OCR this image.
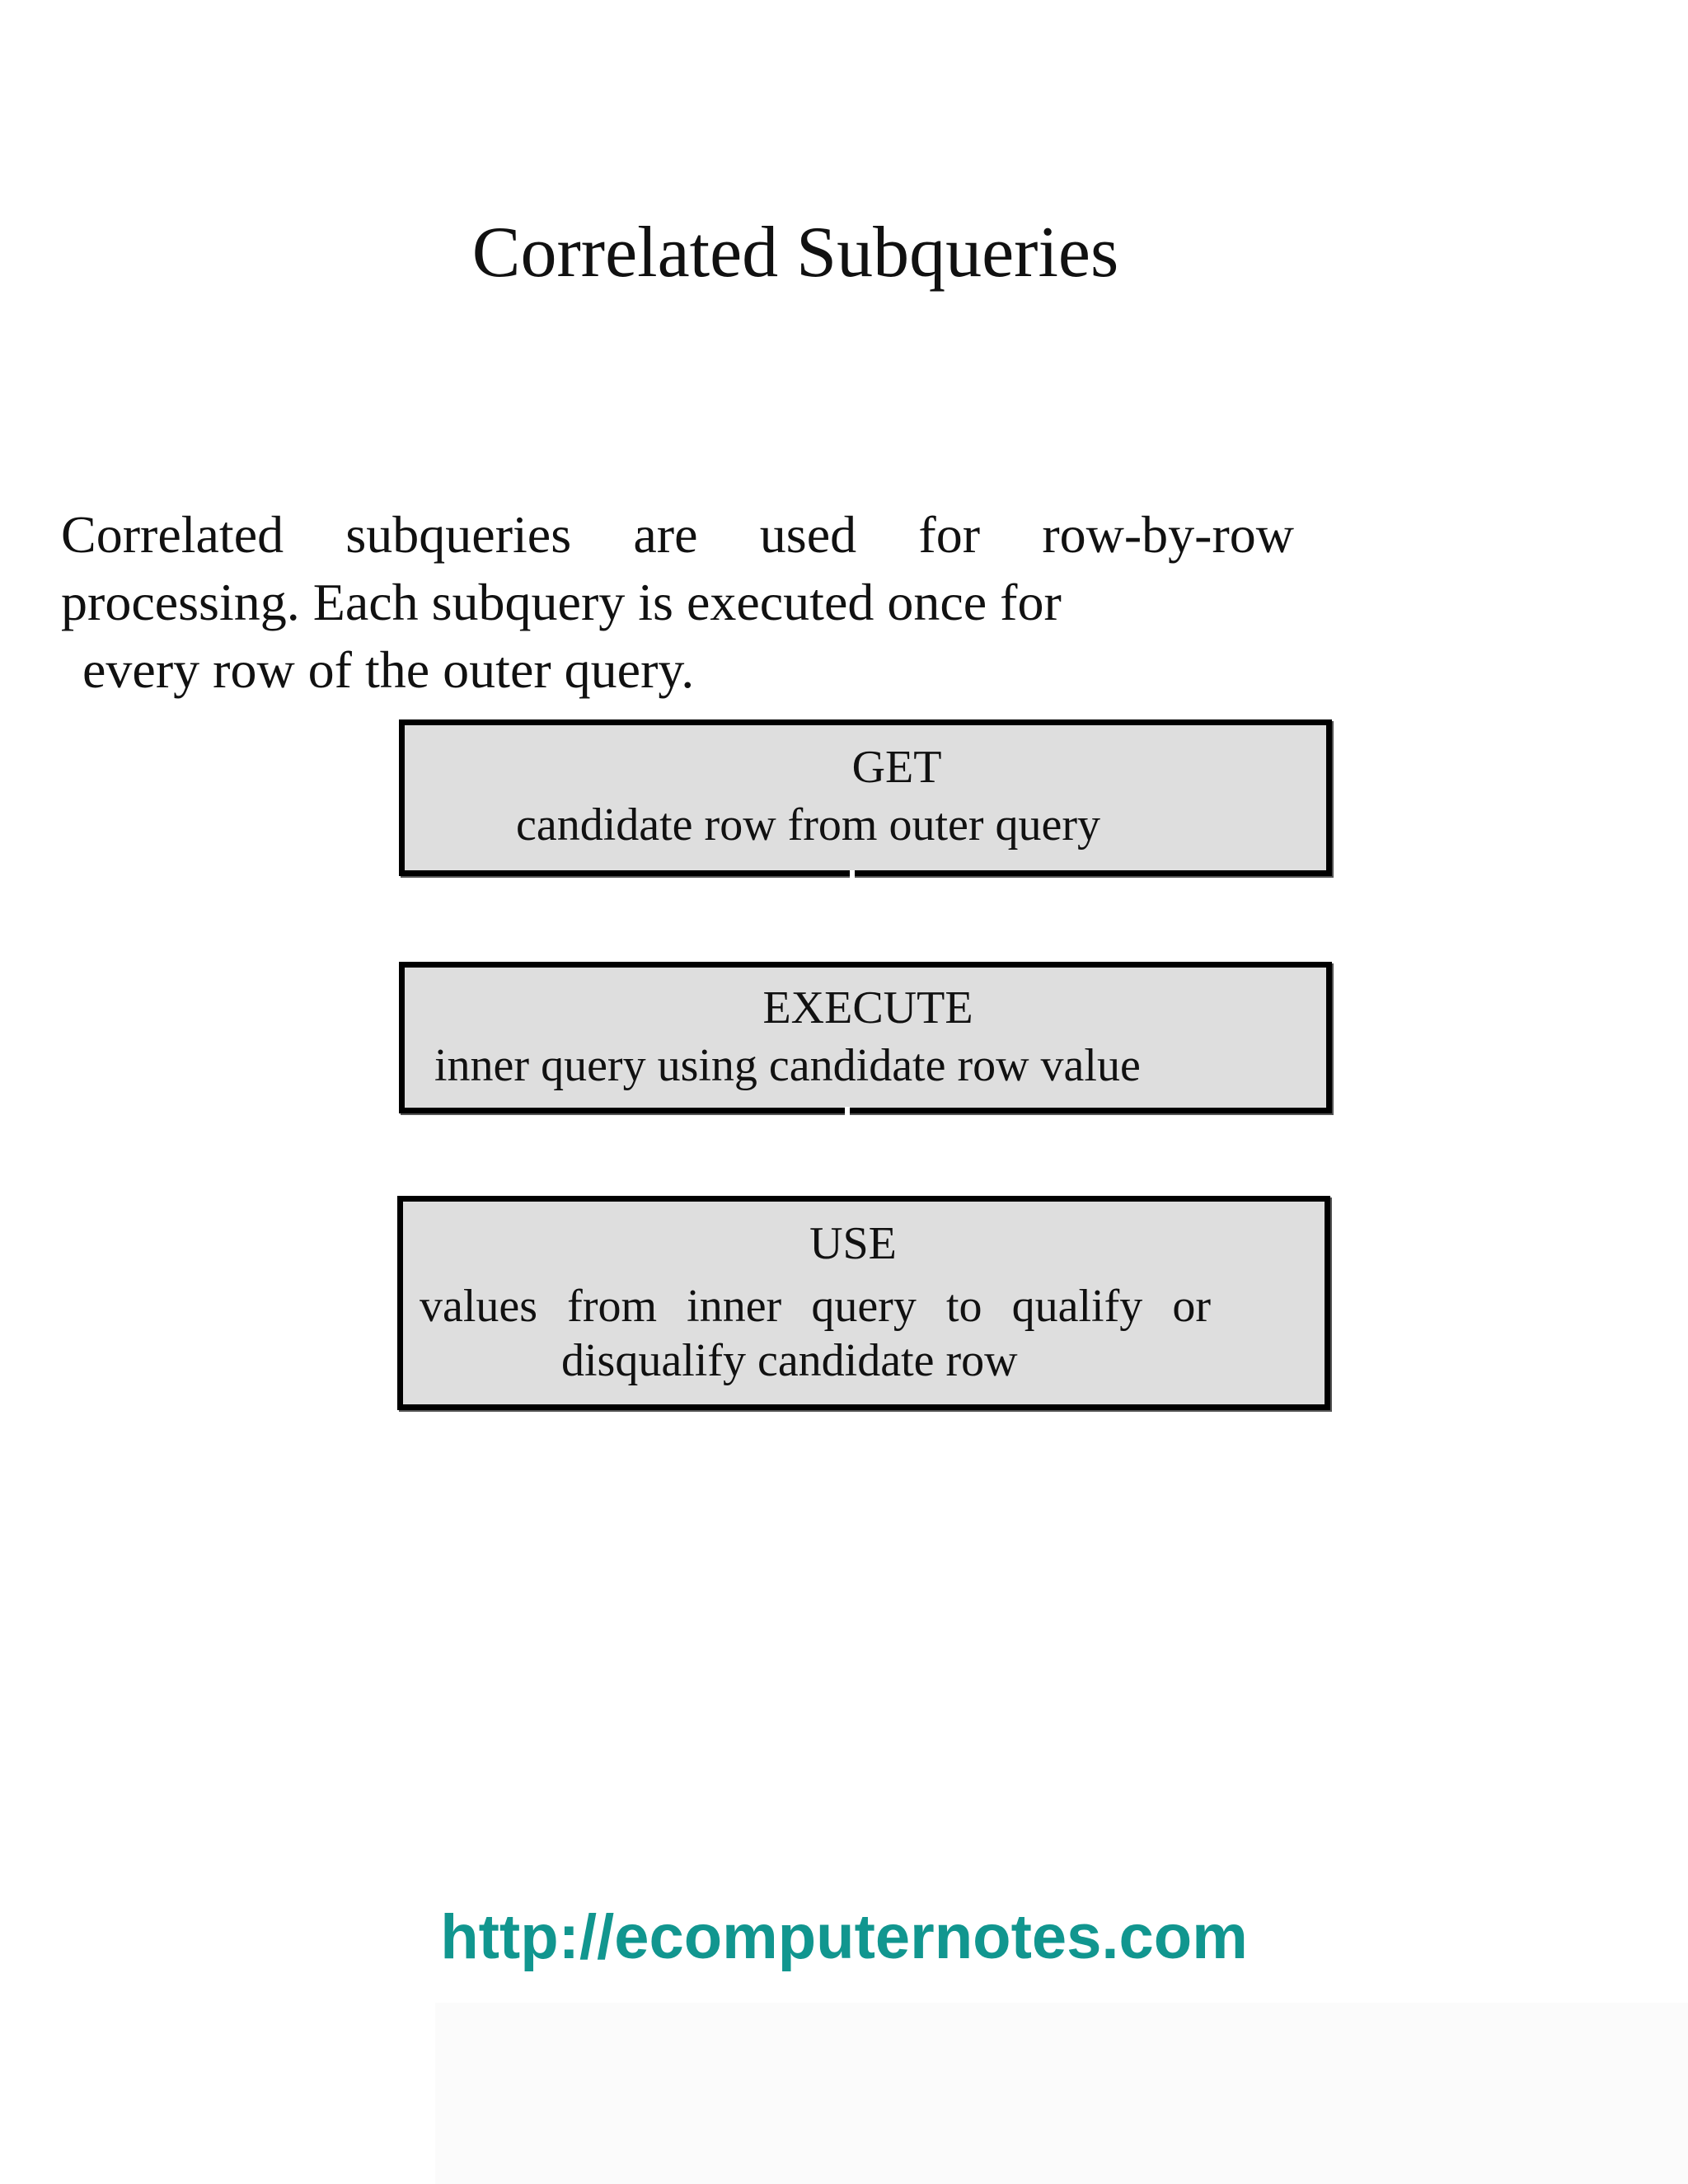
Correlated Subqueries
Correlated subqueries are used for row-by-row
processing. Each subquery is executed once for
every row of the outer query.
GET
candidate row from outer query
EXECUTE
inner query using candidate row value
USE
values from inner query to qualify or
disqualify candidate row
http://ecomputernotes.com
